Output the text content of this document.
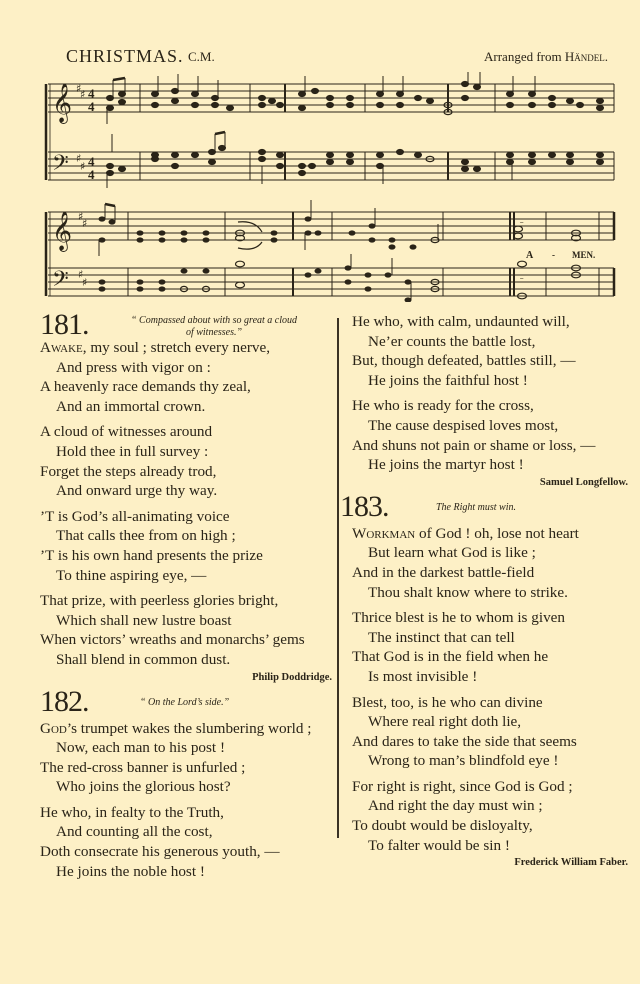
CHRISTMAS. C.M.	Arranged from Händel.
𝄞
𝄢
♯
♯
♯
♯
4
4
4
4
𝄞
𝄢
♯
♯
♯
♯
𝄼
𝄼
A - MEN.
181.	“ Compassed about with so great a cloud
of witnesses.”
Awake, my soul ; stretch every nerve,
And press with vigor on :
A heavenly race demands thy zeal,
And an immortal crown.
A cloud of witnesses around
Hold thee in full survey :
Forget the steps already trod,
And onward urge thy way.
’T is God’s all-animating voice
That calls thee from on high ;
’T is his own hand presents the prize
To thine aspiring eye, —
That prize, with peerless glories bright,
Which shall new lustre boast
When victors’ wreaths and monarchs’ gems
Shall blend in common dust.
Philip Doddridge.
182.	“ On the Lord’s side.”
God’s trumpet wakes the slumbering world ;
Now, each man to his post !
The red-cross banner is unfurled ;
Who joins the glorious host?
He who, in fealty to the Truth,
And counting all the cost,
Doth consecrate his generous youth, —
He joins the noble host !
He who, with calm, undaunted will,
Ne’er counts the battle lost,
But, though defeated, battles still, —
He joins the faithful host !
He who is ready for the cross,
The cause despised loves most,
And shuns not pain or shame or loss, —
He joins the martyr host !
Samuel Longfellow.
183.	The Right must win.
Workman of God ! oh, lose not heart
But learn what God is like ;
And in the darkest battle-field
Thou shalt know where to strike.
Thrice blest is he to whom is given
The instinct that can tell
That God is in the field when he
Is most invisible !
Blest, too, is he who can divine
Where real right doth lie,
And dares to take the side that seems
Wrong to man’s blindfold eye !
For right is right, since God is God ;
And right the day must win ;
To doubt would be disloyalty,
To falter would be sin !
Frederick William Faber.
